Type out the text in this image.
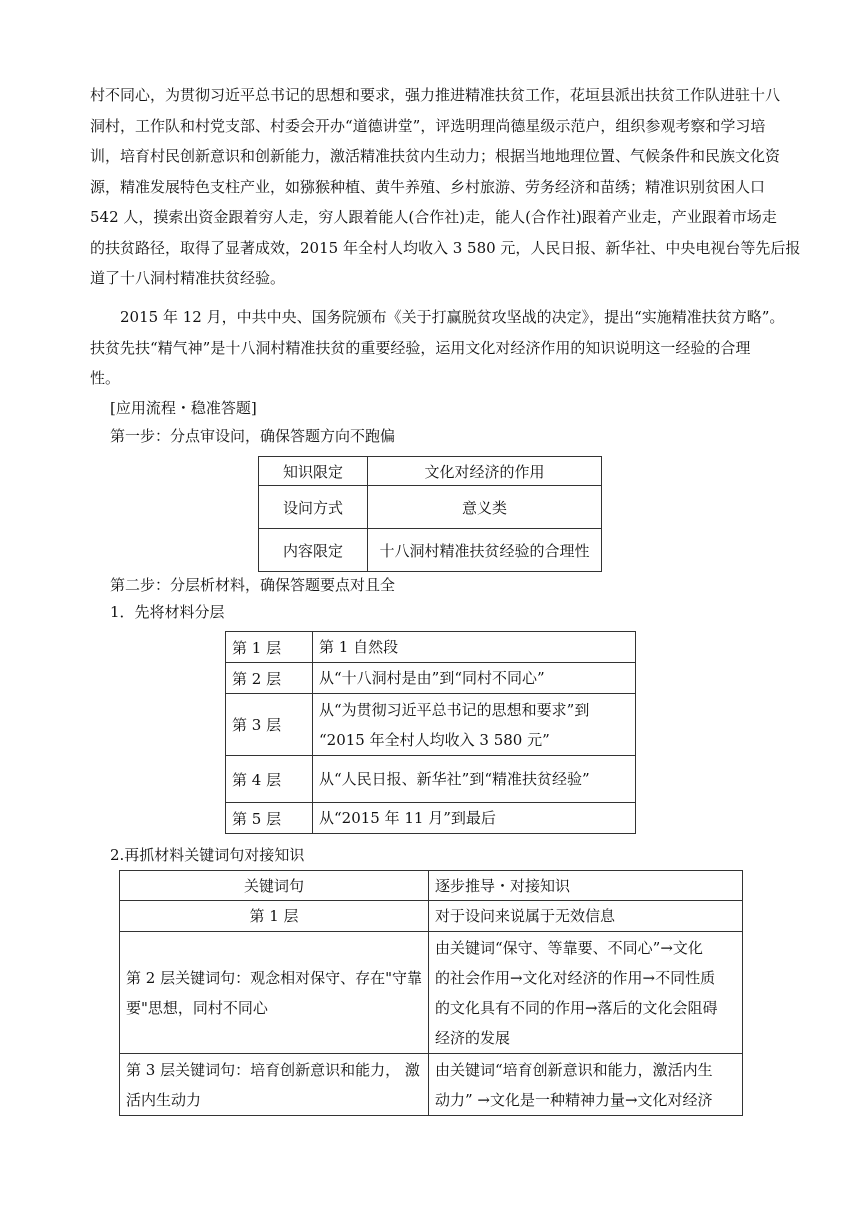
村不同心，为贯彻习近平总书记的思想和要求，强力推进精准扶贫工作，花垣县派出扶贫工作队进驻十八
洞村，工作队和村党支部、村委会开办“道德讲堂”，评选明理尚德星级示范户，组织参观考察和学习培
训，培育村民创新意识和创新能力，激活精准扶贫内生动力；根据当地地理位置、气候条件和民族文化资
源，精准发展特色支柱产业，如猕猴种植、黄牛养殖、乡村旅游、劳务经济和苗绣；精准识别贫困人口
542 人，摸索出资金跟着穷人走，穷人跟着能人(合作社)走，能人(合作社)跟着产业走，产业跟着市场走
的扶贫路径，取得了显著成效，2015 年全村人均收入 3 580 元，人民日报、新华社、中央电视台等先后报
道了十八洞村精准扶贫经验。

2015 年 12 月，中共中央、国务院颁布《关于打赢脱贫攻坚战的决定》，提出“实施精准扶贫方略”。
扶贫先扶“精气神”是十八洞村精准扶贫的重要经验，运用文化对经济作用的知识说明这一经验的合理
性。

[应用流程・稳准答题]
第一步：分点审设问，确保答题方向不跑偏
知识限定	文化对经济的作用
设问方式	意义类
内容限定	十八洞村精准扶贫经验的合理性
第二步：分层析材料，确保答题要点对且全
1．先将材料分层
第 1 层	第 1 自然段

第 2 层	从“十八洞村是由”到“同村不同心”

第 3 层	从“为贯彻习近平总书记的思想和要求”到
“2015 年全村人均收入 3 580 元”

第 4 层	从“人民日报、新华社”到“精准扶贫经验”

第 5 层	从“2015 年 11 月”到最后
2.再抓材料关键词句对接知识
关键词句	逐步推导・对接知识

第 1 层	对于设问来说属于无效信息

第 2 层关键词句：观念相对保守、存在"守靠
要"思想，同村不同心	由关键词“保守、等靠要、不同心”→文化
的社会作用→文化对经济的作用→不同性质
的文化具有不同的作用→落后的文化会阻碍
经济的发展

第 3 层关键词句：培育创新意识和能力， 激
活内生动力	由关键词“培育创新意识和能力，激活内生
动力” →文化是一种精神力量→文化对经济
